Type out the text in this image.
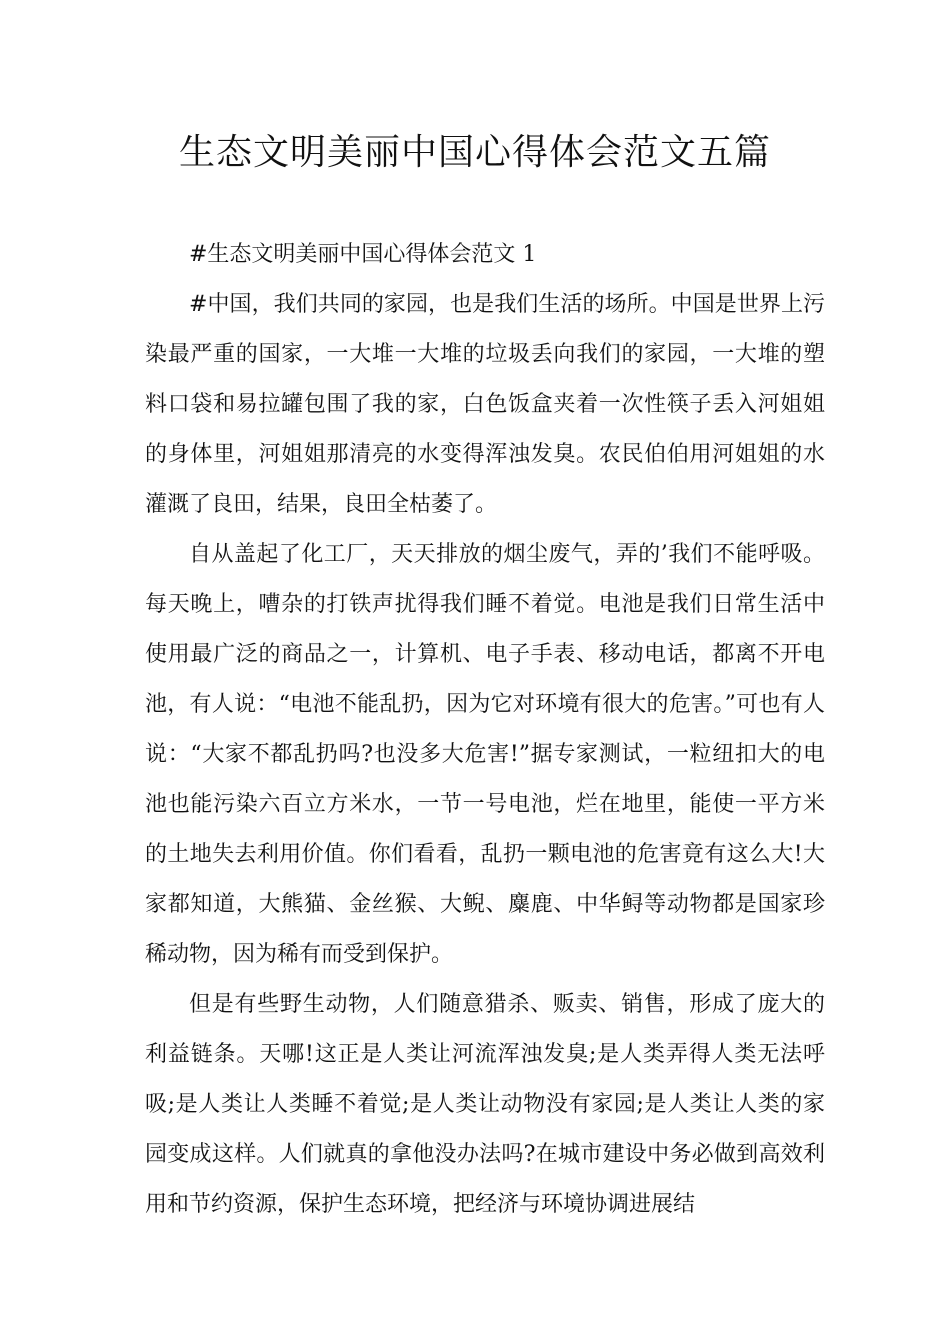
生态文明美丽中国心得体会范文五篇

#生态文明美丽中国心得体会范文 1

#中国，我们共同的家园，也是我们生活的场所。中国是世界上污染最严重的国家，一大堆一大堆的垃圾丢向我们的家园，一大堆的塑料口袋和易拉罐包围了我的家，白色饭盒夹着一次性筷子丢入河姐姐的身体里，河姐姐那清亮的水变得浑浊发臭。农民伯伯用河姐姐的水灌溉了良田，结果，良田全枯萎了。

自从盖起了化工厂，天天排放的烟尘废气，弄的’我们不能呼吸。每天晚上，嘈杂的打铁声扰得我们睡不着觉。电池是我们日常生活中使用最广泛的商品之一，计算机、电子手表、移动电话，都离不开电池，有人说：“电池不能乱扔，因为它对环境有很大的危害。”可也有人说：“大家不都乱扔吗?也没多大危害!”据专家测试，一粒纽扣大的电池也能污染六百立方米水，一节一号电池，烂在地里，能使一平方米的土地失去利用价值。你们看看，乱扔一颗电池的危害竟有这么大!大家都知道，大熊猫、金丝猴、大鲵、麋鹿、中华鲟等动物都是国家珍稀动物，因为稀有而受到保护。

但是有些野生动物，人们随意猎杀、贩卖、销售，形成了庞大的利益链条。天哪!这正是人类让河流浑浊发臭;是人类弄得人类无法呼吸;是人类让人类睡不着觉;是人类让动物没有家园;是人类让人类的家园变成这样。人们就真的拿他没办法吗?在城市建设中务必做到高效利用和节约资源，保护生态环境，把经济与环境协调进展结
